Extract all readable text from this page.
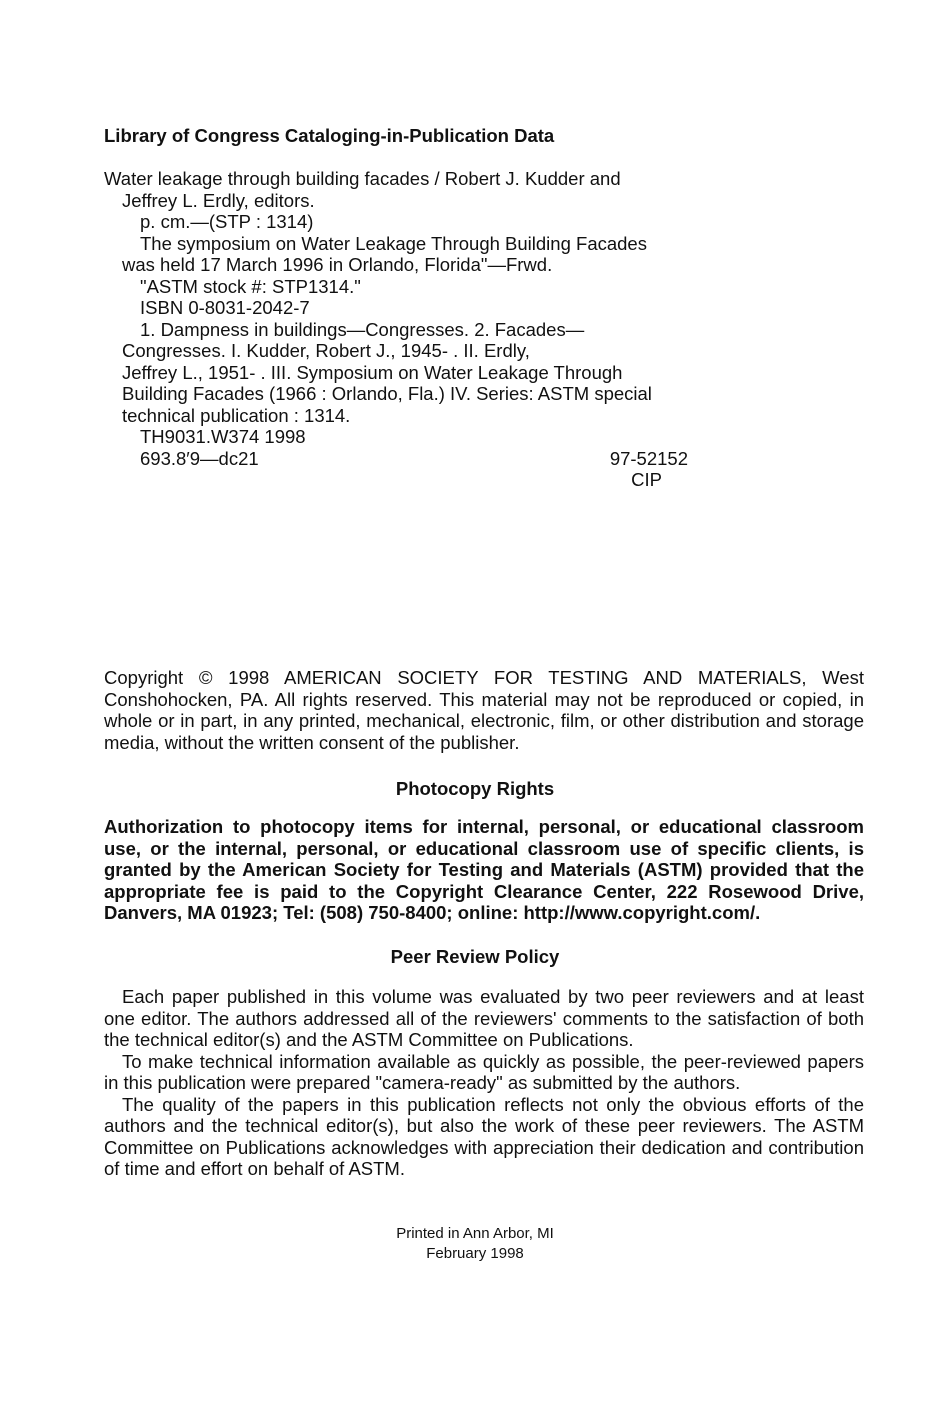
Library of Congress Cataloging-in-Publication Data
Water leakage through building facades / Robert J. Kudder and
Jeffrey L. Erdly, editors.
p. cm.—(STP : 1314)
The symposium on Water Leakage Through Building Facades
was held 17 March 1996 in Orlando, Florida"—Frwd.
"ASTM stock #: STP1314."
ISBN 0-8031-2042-7
1. Dampness in buildings—Congresses. 2. Facades—
Congresses. I. Kudder, Robert J., 1945- . II. Erdly,
Jeffrey L., 1951- . III. Symposium on Water Leakage Through
Building Facades (1966 : Orlando, Fla.) IV. Series: ASTM special
technical publication : 1314.
TH9031.W374 1998
693.8′9—dc21	97-52152
CIP
Copyright © 1998 AMERICAN SOCIETY FOR TESTING AND MATERIALS, West Conshohocken, PA. All rights reserved. This material may not be reproduced or copied, in whole or in part, in any printed, mechanical, electronic, film, or other distribution and storage media, without the written consent of the publisher.
Photocopy Rights
Authorization to photocopy items for internal, personal, or educational classroom use, or the internal, personal, or educational classroom use of specific clients, is granted by the American Society for Testing and Materials (ASTM) provided that the appropriate fee is paid to the Copyright Clearance Center, 222 Rosewood Drive, Danvers, MA 01923; Tel: (508) 750-8400; online: http://www.copyright.com/.
Peer Review Policy

Each paper published in this volume was evaluated by two peer reviewers and at least one editor. The authors addressed all of the reviewers' comments to the satisfaction of both the technical editor(s) and the ASTM Committee on Publications.

To make technical information available as quickly as possible, the peer-reviewed papers in this publication were prepared "camera-ready" as submitted by the authors.

The quality of the papers in this publication reflects not only the obvious efforts of the authors and the technical editor(s), but also the work of these peer reviewers. The ASTM Committee on Publications acknowledges with appreciation their dedication and contribution of time and effort on behalf of ASTM.

Printed in Ann Arbor, MI
February 1998
